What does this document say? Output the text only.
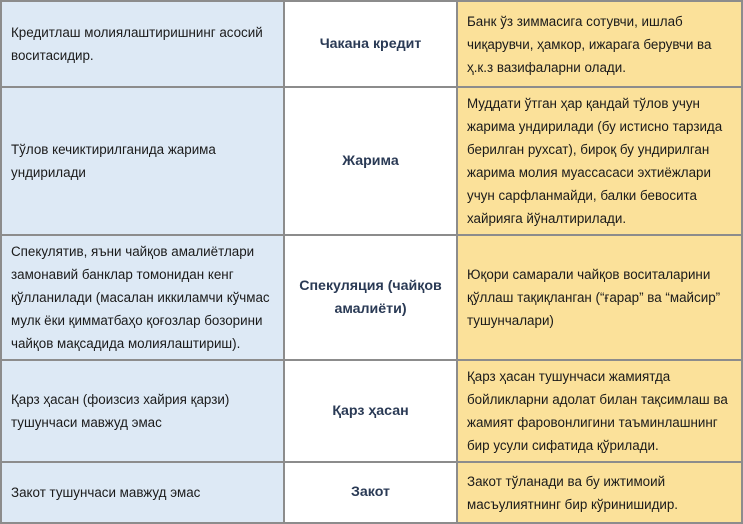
Кредитлаш молиялаштиришнинг асосий воситасидир.	Чакана кредит	Банк ўз зиммасига сотувчи, ишлаб чиқарувчи, ҳамкор, ижарага берувчи ва ҳ.к.з вазифаларни олади.
Тўлов кечиктирилганида жарима ундирилади	Жарима	Муддати ўтган ҳар қандай тўлов учун жарима ундирилади (бу истисно тарзида берилган рухсат), бироқ бу ундирилган жарима молия муассасаси эхтиёжлари учун сарфланмайди, балки бевосита хайрияга йўналтирилади.
Спекулятив, яъни чайқов амалиётлари замонавий банклар томонидан кенг қўлланилади (масалан иккиламчи кўчмас мулк ёки қимматбаҳо қоғозлар бозорини чайқов мақсадида молиялаштириш).	Спекуляция (чайқов амалиёти)	Юқори самарали чайқов воситаларини қўллаш тақиқланган (“ғарар” ва “майсир” тушунчалари)
Қарз ҳасан (фоизсиз хайрия қарзи) тушунчаси мавжуд эмас	Қарз ҳасан	Қарз ҳасан тушунчаси жамиятда бойликларни адолат билан тақсимлаш ва жамият фаровонлигини таъминлашнинг бир усули сифатида қўрилади.
Закот тушунчаси мавжуд эмас	Закот	Закот тўланади ва бу ижтимоий масъулиятнинг бир кўринишидир.
